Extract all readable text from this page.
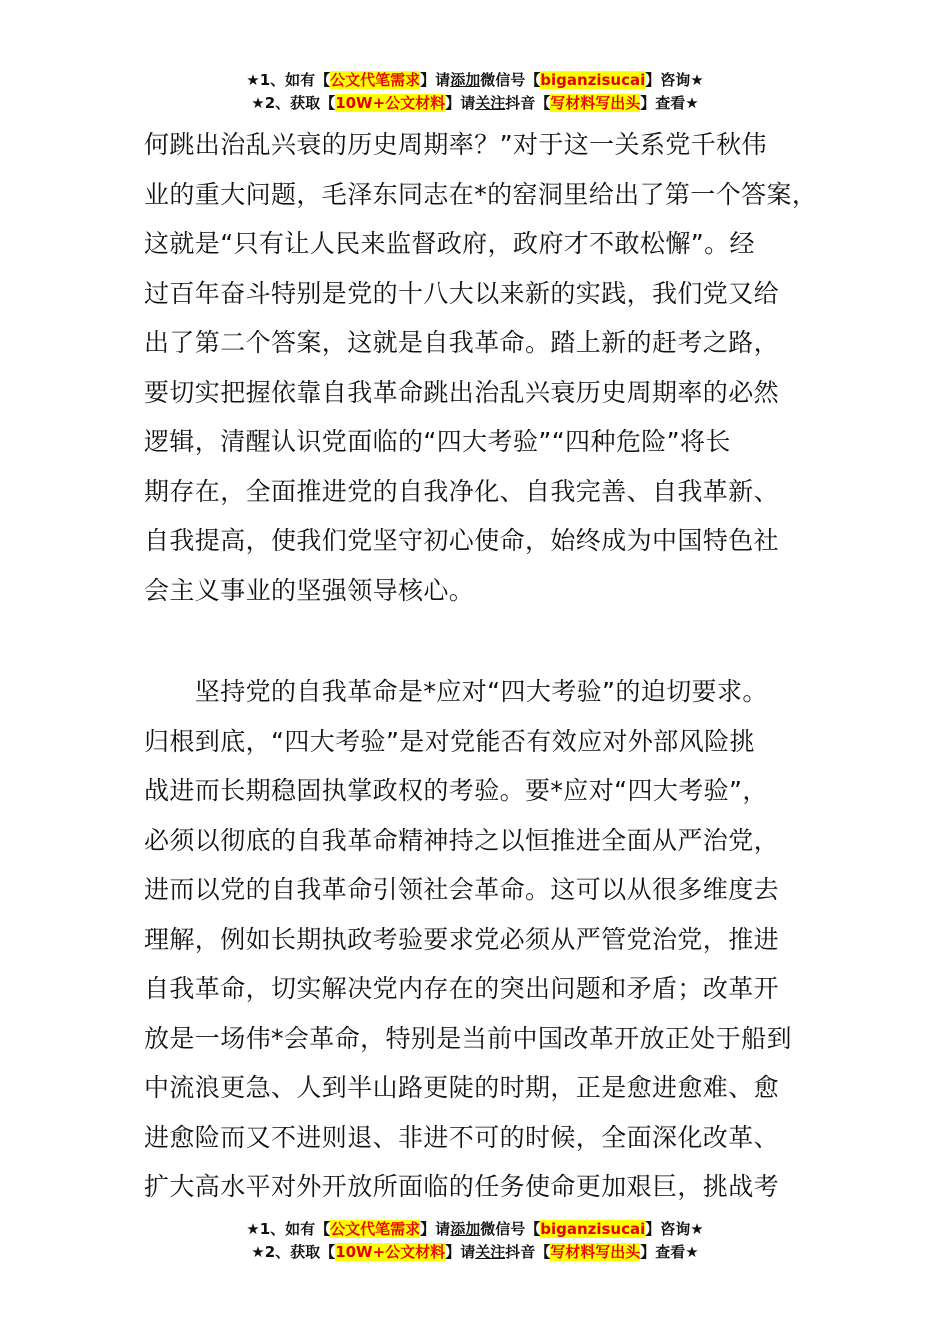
★1、如有【公文代笔需求】请添加微信号【biganzisucai】咨询★
★2、获取【10W+公文材料】请关注抖音【写材料写出头】查看★
何跳出治乱兴衰的历史周期率？”对于这一关系党千秋伟
业的重大问题，毛泽东同志在*的窑洞里给出了第一个答案，
这就是“只有让人民来监督政府，政府才不敢松懈”。经
过百年奋斗特别是党的十八大以来新的实践，我们党又给
出了第二个答案，这就是自我革命。踏上新的赶考之路，
要切实把握依靠自我革命跳出治乱兴衰历史周期率的必然
逻辑，清醒认识党面临的“四大考验”“四种危险”将长
期存在，全面推进党的自我净化、自我完善、自我革新、
自我提高，使我们党坚守初心使命，始终成为中国特色社
会主义事业的坚强领导核心。
　　坚持党的自我革命是*应对“四大考验”的迫切要求。
归根到底，“四大考验”是对党能否有效应对外部风险挑
战进而长期稳固执掌政权的考验。要*应对“四大考验”，
必须以彻底的自我革命精神持之以恒推进全面从严治党，
进而以党的自我革命引领社会革命。这可以从很多维度去
理解，例如长期执政考验要求党必须从严管党治党，推进
自我革命，切实解决党内存在的突出问题和矛盾；改革开
放是一场伟*会革命，特别是当前中国改革开放正处于船到
中流浪更急、人到半山路更陡的时期，正是愈进愈难、愈
进愈险而又不进则退、非进不可的时候，全面深化改革、
扩大高水平对外开放所面临的任务使命更加艰巨，挑战考
★1、如有【公文代笔需求】请添加微信号【biganzisucai】咨询★
★2、获取【10W+公文材料】请关注抖音【写材料写出头】查看★
